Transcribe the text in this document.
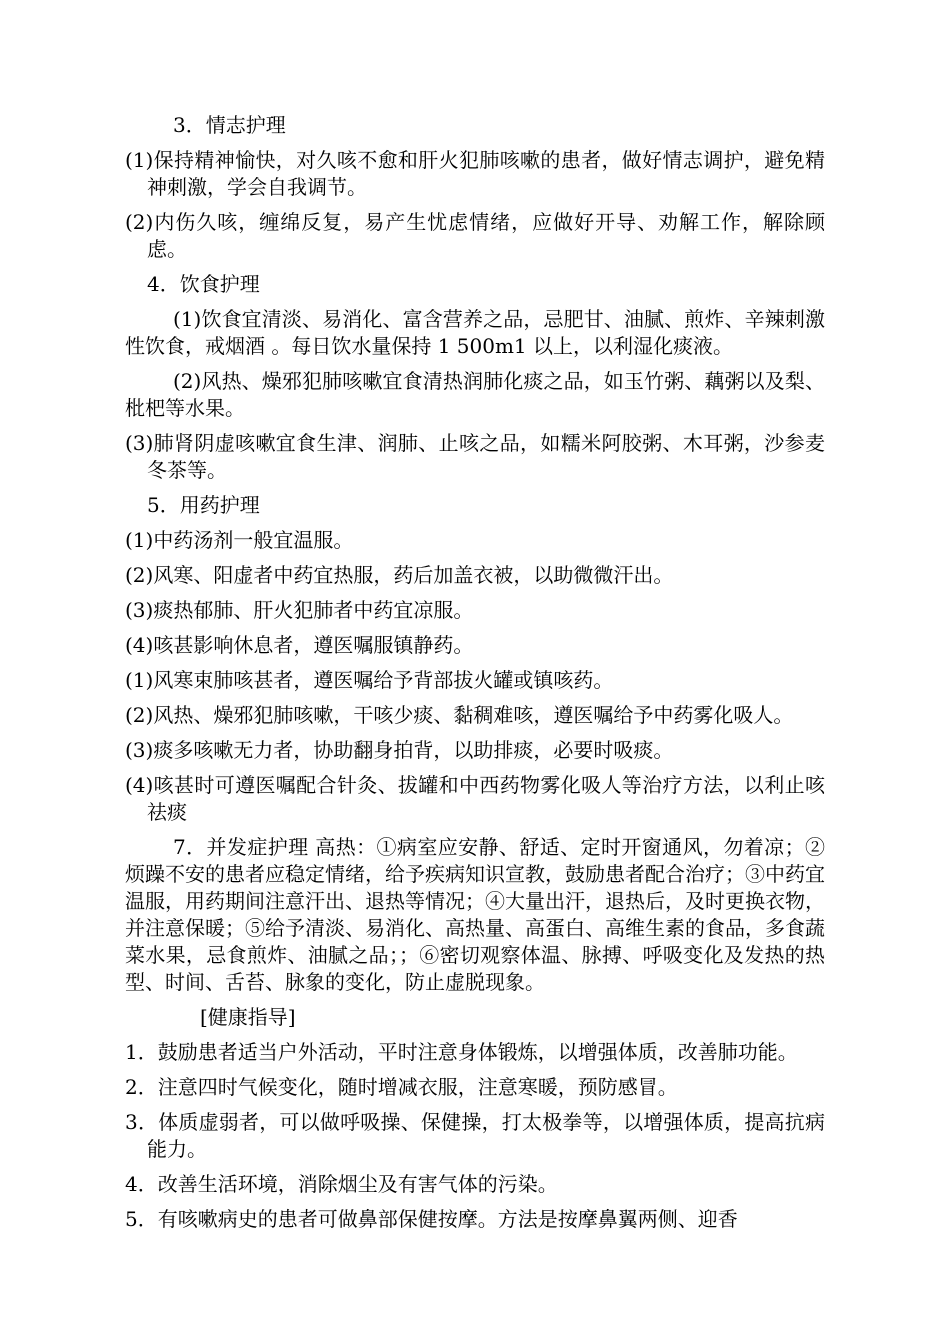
3．情志护理

(1)保持精神愉快，对久咳不愈和肝火犯肺咳嗽的患者，做好情志调护，避免精神刺激，学会自我调节。

(2)内伤久咳，缠绵反复，易产生忧虑情绪，应做好开导、劝解工作，解除顾虑。

4．饮食护理

(1)饮食宜清淡、易消化、富含营养之品，忌肥甘、油腻、煎炸、辛辣刺激性饮食，戒烟酒 。每日饮水量保持 1 500m1 以上，以利湿化痰液。

(2)风热、燥邪犯肺咳嗽宜食清热润肺化痰之品，如玉竹粥、藕粥以及梨、枇杷等水果。

(3)肺肾阴虚咳嗽宜食生津、润肺、止咳之品，如糯米阿胶粥、木耳粥，沙参麦冬茶等。

5．用药护理

(1)中药汤剂一般宜温服。

(2)风寒、阳虚者中药宜热服，药后加盖衣被，以助微微汗出。

(3)痰热郁肺、肝火犯肺者中药宜凉服。

(4)咳甚影响休息者，遵医嘱服镇静药。

(1)风寒束肺咳甚者，遵医嘱给予背部拔火罐或镇咳药。

(2)风热、燥邪犯肺咳嗽，干咳少痰、黏稠难咳，遵医嘱给予中药雾化吸人。

(3)痰多咳嗽无力者，协助翻身拍背，以助排痰，必要时吸痰。

(4)咳甚时可遵医嘱配合针灸、拔罐和中西药物雾化吸人等治疗方法，以利止咳祛痰

7．并发症护理 高热：①病室应安静、舒适、定时开窗通风，勿着凉；②烦躁不安的患者应稳定情绪，给予疾病知识宣教，鼓励患者配合治疗；③中药宜温服，用药期间注意汗出、退热等情况；④大量出汗，退热后，及时更换衣物，并注意保暖；⑤给予清淡、易消化、高热量、高蛋白、高维生素的食品，多食蔬菜水果，忌食煎炸、油腻之品；；⑥密切观察体温、脉搏、呼吸变化及发热的热型、时间、舌苔、脉象的变化，防止虚脱现象。

[健康指导]

1．鼓励患者适当户外活动，平时注意身体锻炼，以增强体质，改善肺功能。

2．注意四时气候变化，随时增减衣服，注意寒暖，预防感冒。

3．体质虚弱者，可以做呼吸操、保健操，打太极拳等，以增强体质，提高抗病能力。

4．改善生活环境，消除烟尘及有害气体的污染。

5．有咳嗽病史的患者可做鼻部保健按摩。方法是按摩鼻翼两侧、迎香
